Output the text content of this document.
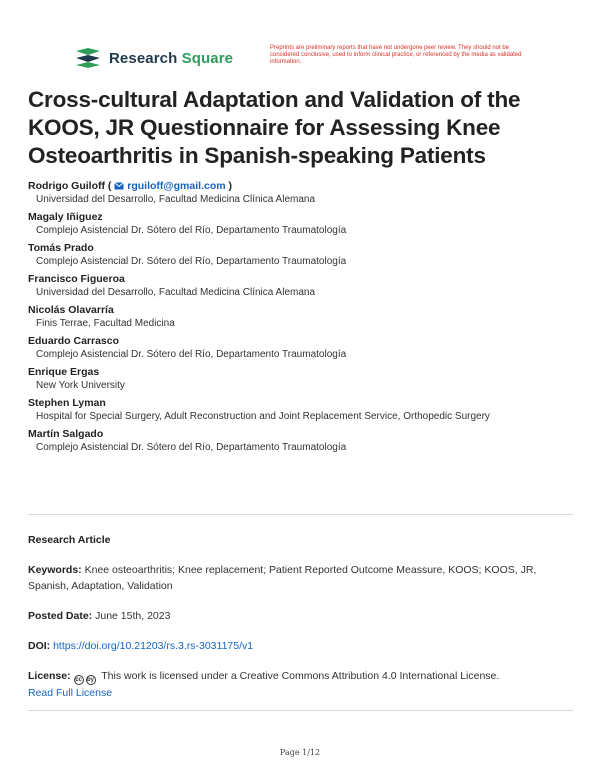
Research Square
Preprints are preliminary reports that have not undergone peer review. They should not be considered conclusive, used to inform clinical practice, or referenced by the media as validated information.
Cross-cultural Adaptation and Validation of the KOOS, JR Questionnaire for Assessing Knee Osteoarthritis in Spanish-speaking Patients
Rodrigo Guiloff ( rguiloff@gmail.com )
Universidad del Desarrollo, Facultad Medicina Clínica Alemana
Magaly Iñiguez
Complejo Asistencial Dr. Sótero del Río, Departamento Traumatología
Tomás Prado
Complejo Asistencial Dr. Sótero del Río, Departamento Traumatología
Francisco Figueroa
Universidad del Desarrollo, Facultad Medicina Clínica Alemana
Nicolás Olavarría
Finis Terrae, Facultad Medicina
Eduardo Carrasco
Complejo Asistencial Dr. Sótero del Río, Departamento Traumatología
Enrique Ergas
New York University
Stephen Lyman
Hospital for Special Surgery, Adult Reconstruction and Joint Replacement Service, Orthopedic Surgery
Martín Salgado
Complejo Asistencial Dr. Sótero del Río, Departamento Traumatología
Research Article
Keywords: Knee osteoarthritis; Knee replacement; Patient Reported Outcome Meassure, KOOS; KOOS, JR, Spanish, Adaptation, Validation
Posted Date: June 15th, 2023
DOI: https://doi.org/10.21203/rs.3.rs-3031175/v1
License: cc by This work is licensed under a Creative Commons Attribution 4.0 International License.
Read Full License
Page 1/12
